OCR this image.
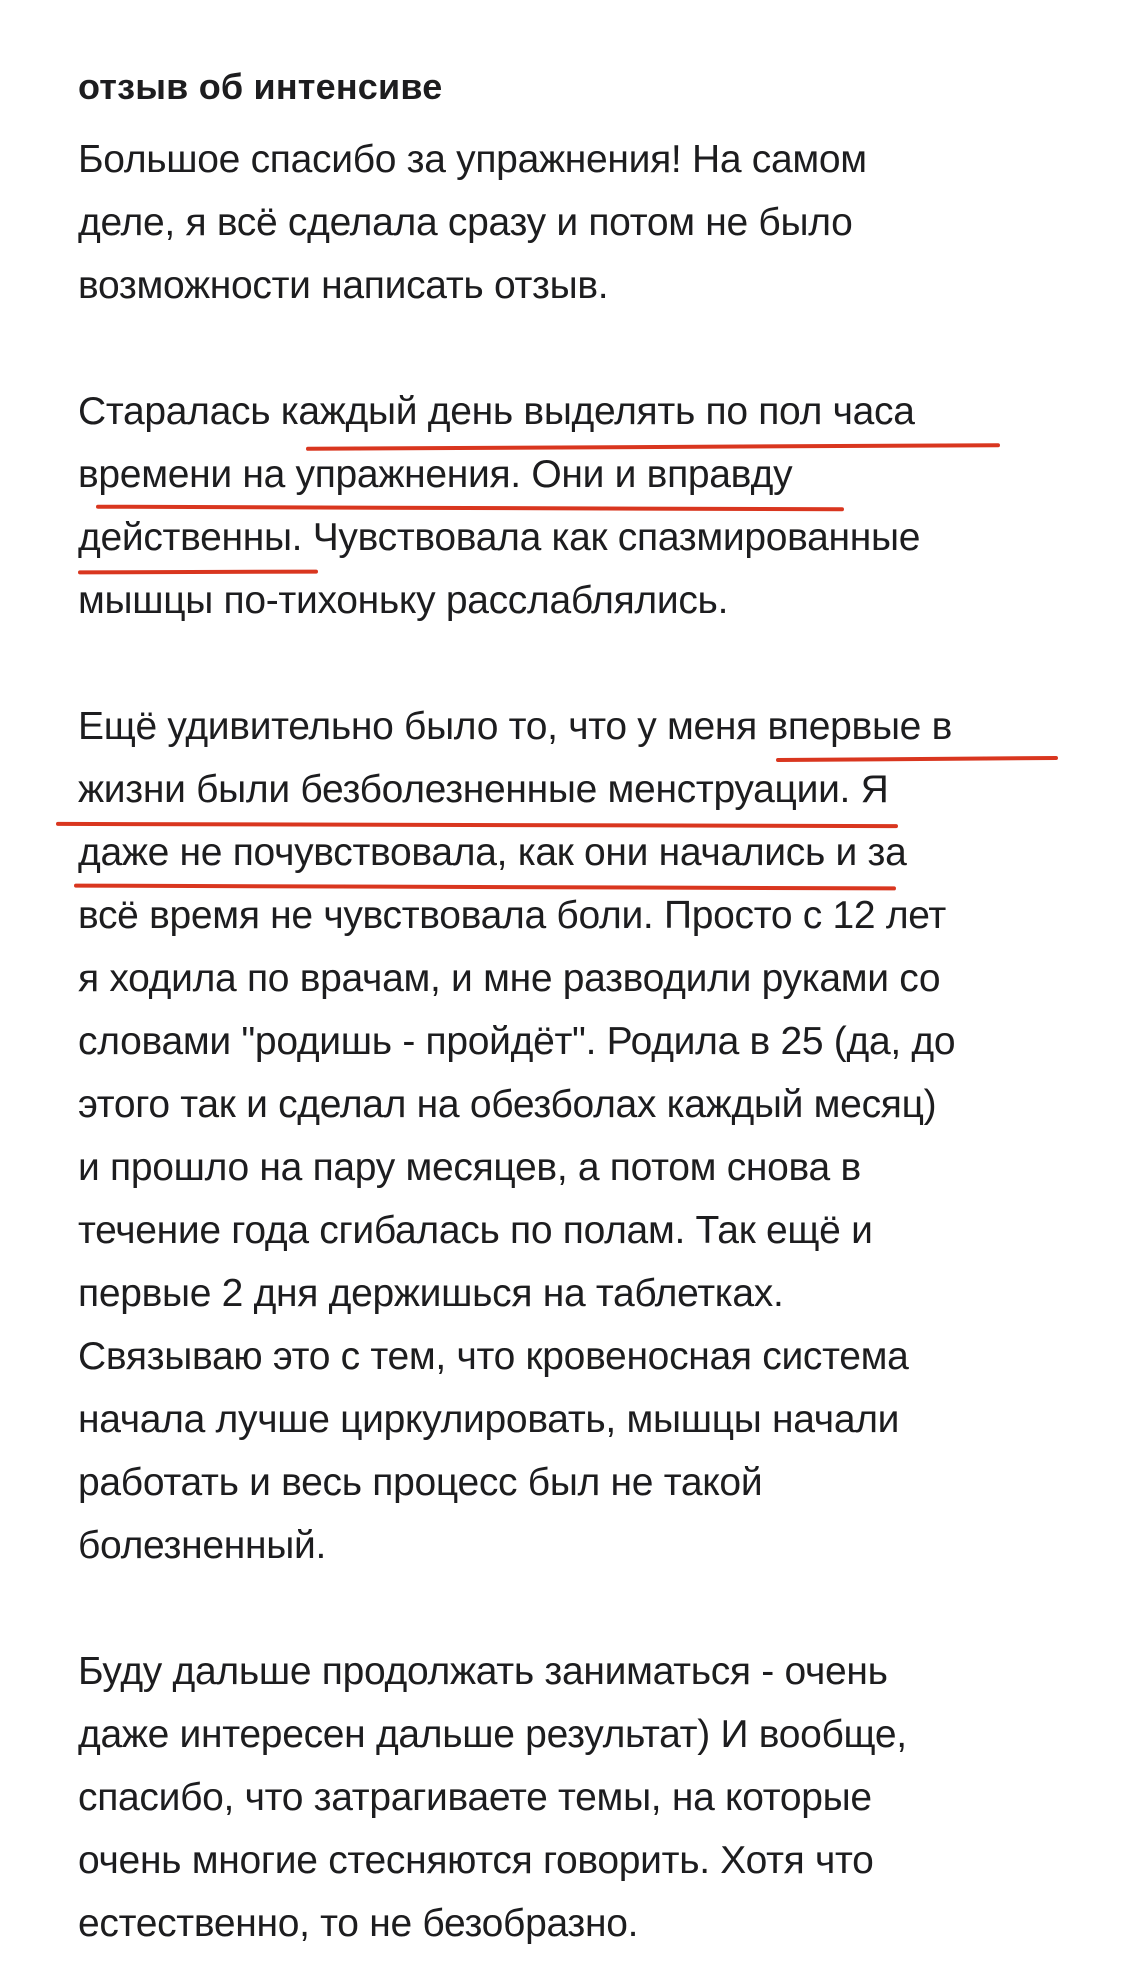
отзыв об интенсиве

Большое спасибо за упражнения! На самом
деле, я всё сделала сразу и потом не было
возможности написать отзыв.

Старалась каждый день выделять по пол часа
времени на упражнения. Они и вправду
действенны. Чувствовала как спазмированные
мышцы по-тихоньку расслаблялись.

Ещё удивительно было то, что у меня впервые в
жизни были безболезненные менструации. Я
даже не почувствовала, как они начались и за
всё время не чувствовала боли. Просто с 12 лет
я ходила по врачам, и мне разводили руками со
словами "родишь - пройдёт". Родила в 25 (да, до
этого так и сделал на обезболах каждый месяц)
и прошло на пару месяцев, а потом снова в
течение года сгибалась по полам. Так ещё и
первые 2 дня держишься на таблетках.
Связываю это с тем, что кровеносная система
начала лучше циркулировать, мышцы начали
работать и весь процесс был не такой
болезненный.

Буду дальше продолжать заниматься - очень
даже интересен дальше результат) И вообще,
спасибо, что затрагиваете темы, на которые
очень многие стесняются говорить. Хотя что
естественно, то не безобразно.
